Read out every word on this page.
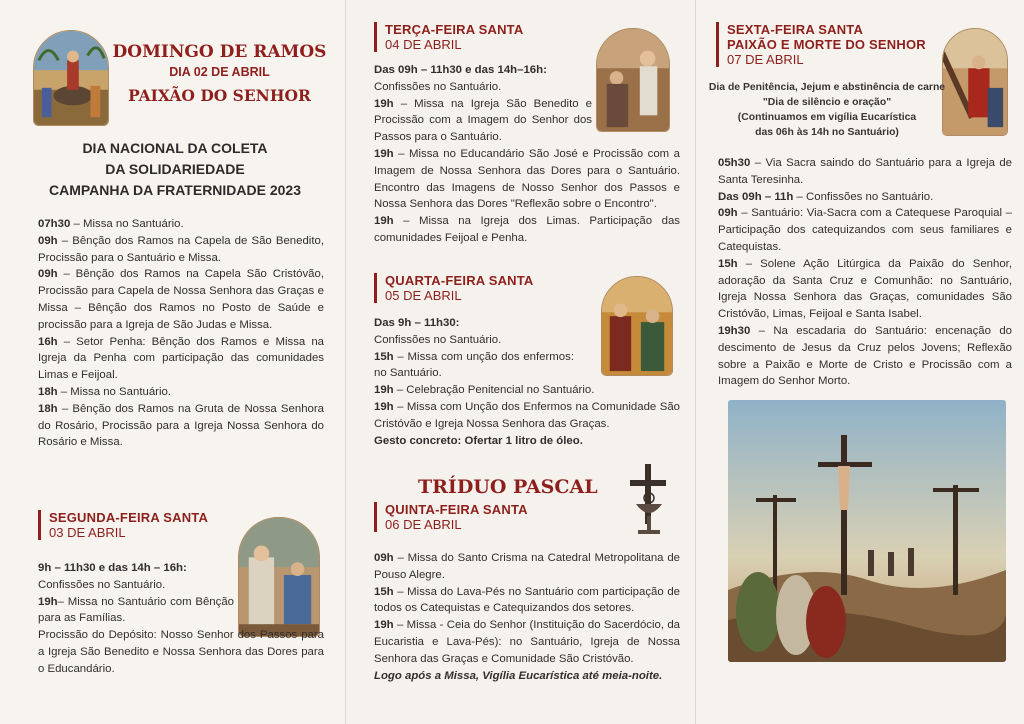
DOMINGO DE RAMOS
DIA 02 DE ABRIL
PAIXÃO DO SENHOR
DIA NACIONAL DA COLETA
DA SOLIDARIEDADE
CAMPANHA DA FRATERNIDADE 2023

07h30 – Missa no Santuário.

09h – Bênção dos Ramos na Capela de São Benedito, Procissão para o Santuário e Missa.

09h – Bênção dos Ramos na Capela São Cristóvão, Procissão para Capela de Nossa Senhora das Graças e Missa – Bênção dos Ramos no Posto de Saúde e procissão para a Igreja de São Judas e Missa.

16h – Setor Penha: Bênção dos Ramos e Missa na Igreja da Penha com participação das comunidades Limas e Feijoal.

18h – Missa no Santuário.

18h – Bênção dos Ramos na Gruta de Nossa Senhora do Rosário, Procissão para a Igreja Nossa Senhora do Rosário e Missa.

SEGUNDA-FEIRA SANTA
03 DE ABRIL

9h – 11h30 e das 14h – 16h:

Confissões no Santuário.

19h– Missa no Santuário com Bênção para as Famílias.

Procissão do Depósito: Nosso Senhor dos Passos para a Igreja São Benedito e Nossa Senhora das Dores para o Educandário.

TERÇA-FEIRA SANTA
04 DE ABRIL

Das 09h – 11h30 e das 14h–16h:

Confissões no Santuário.

19h – Missa na Igreja São Benedito e Procissão com a Imagem do Senhor dos Passos para o Santuário.

19h – Missa no Educandário São José e Procissão com a Imagem de Nossa Senhora das Dores para o Santuário. Encontro das Imagens de Nosso Senhor dos Passos e Nossa Senhora das Dores "Reflexão sobre o Encontro".

19h – Missa na Igreja dos Limas. Participação das comunidades Feijoal e Penha.

QUARTA-FEIRA SANTA
05 DE ABRIL

Das 9h – 11h30:

Confissões no Santuário.

15h – Missa com unção dos enfermos: no Santuário.

19h – Celebração Penitencial no Santuário.

19h – Missa com Unção dos Enfermos na Comunidade São Cristóvão e Igreja Nossa Senhora das Graças.

Gesto concreto: Ofertar 1 litro de óleo.

TRÍDUO PASCAL
QUINTA-FEIRA SANTA
06 DE ABRIL

09h – Missa do Santo Crisma na Catedral Metropolitana de Pouso Alegre.

15h – Missa do Lava-Pés no Santuário com participação de todos os Catequistas e Catequizandos dos setores.

19h – Missa - Ceia do Senhor (Instituição do Sacerdócio, da Eucaristia e Lava-Pés): no Santuário, Igreja de Nossa Senhora das Graças e Comunidade São Cristóvão.

Logo após a Missa, Vigília Eucarística até meia-noite.

SEXTA-FEIRA SANTA
PAIXÃO E MORTE DO SENHOR
07 DE ABRIL
Dia de Penitência, Jejum e abstinência de carne
"Dia de silêncio e oração"
(Continuamos em vigília Eucarística
das 06h às 14h no Santuário)

05h30 – Via Sacra saindo do Santuário para a Igreja de Santa Teresinha.

Das 09h – 11h – Confissões no Santuário.

09h – Santuário: Via-Sacra com a Catequese Paroquial – Participação dos catequizandos com seus familiares e Catequistas.

15h – Solene Ação Litúrgica da Paixão do Senhor, adoração da Santa Cruz e Comunhão: no Santuário, Igreja Nossa Senhora das Graças, comunidades São Cristóvão, Limas, Feijoal e Santa Isabel.

19h30 – Na escadaria do Santuário: encenação do descimento de Jesus da Cruz pelos Jovens; Reflexão sobre a Paixão e Morte de Cristo e Procissão com a Imagem do Senhor Morto.
